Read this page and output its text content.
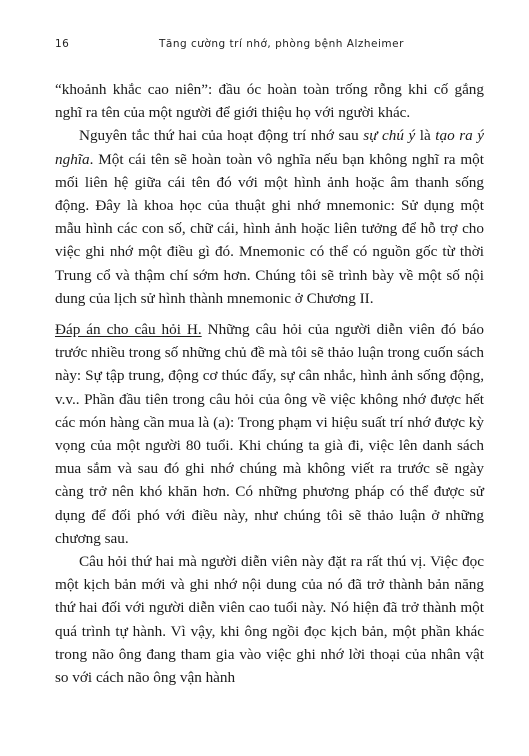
16	Tăng cường trí nhớ, phòng bệnh Alzheimer

“khoảnh khắc cao niên”: đầu óc hoàn toàn trống rỗng khi cố gắng nghĩ ra tên của một người để giới thiệu họ với người khác.

Nguyên tắc thứ hai của hoạt động trí nhớ sau sự chú ý là tạo ra ý nghĩa. Một cái tên sẽ hoàn toàn vô nghĩa nếu bạn không nghĩ ra một mối liên hệ giữa cái tên đó với một hình ảnh hoặc âm thanh sống động. Đây là khoa học của thuật ghi nhớ mnemonic: Sử dụng một mẫu hình các con số, chữ cái, hình ảnh hoặc liên tưởng để hỗ trợ cho việc ghi nhớ một điều gì đó. Mnemonic có thể có nguồn gốc từ thời Trung cổ và thậm chí sớm hơn. Chúng tôi sẽ trình bày về một số nội dung của lịch sử hình thành mnemonic ở Chương II.

Đáp án cho câu hỏi H. Những câu hỏi của người diễn viên đó báo trước nhiều trong số những chủ đề mà tôi sẽ thảo luận trong cuốn sách này: Sự tập trung, động cơ thúc đẩy, sự cân nhắc, hình ảnh sống động, v.v.. Phần đầu tiên trong câu hỏi của ông về việc không nhớ được hết các món hàng cần mua là (a): Trong phạm vi hiệu suất trí nhớ được kỳ vọng của một người 80 tuổi. Khi chúng ta già đi, việc lên danh sách mua sắm và sau đó ghi nhớ chúng mà không viết ra trước sẽ ngày càng trở nên khó khăn hơn. Có những phương pháp có thể được sử dụng để đối phó với điều này, như chúng tôi sẽ thảo luận ở những chương sau.

Câu hỏi thứ hai mà người diễn viên này đặt ra rất thú vị. Việc đọc một kịch bản mới và ghi nhớ nội dung của nó đã trở thành bản năng thứ hai đối với người diễn viên cao tuổi này. Nó hiện đã trở thành một quá trình tự hành. Vì vậy, khi ông ngồi đọc kịch bản, một phần khác trong não ông đang tham gia vào việc ghi nhớ lời thoại của nhân vật so với cách não ông vận hành
